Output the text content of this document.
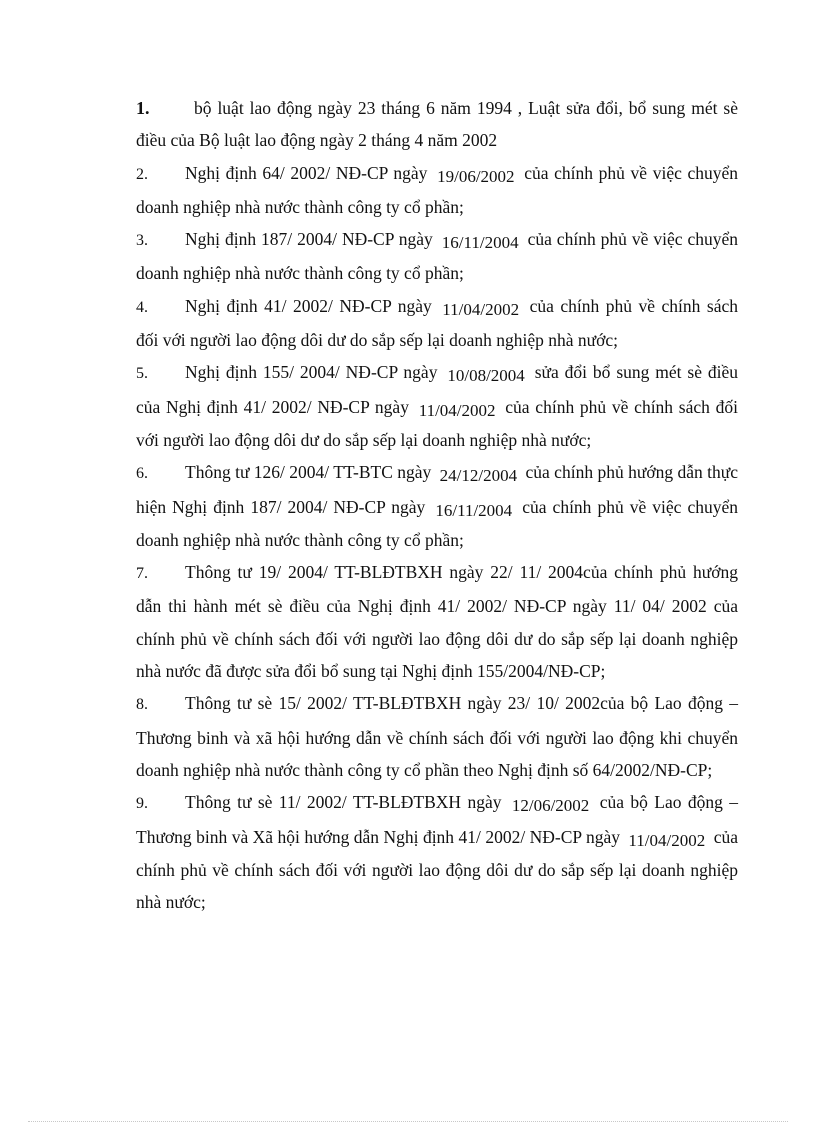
1.	bộ luật lao động ngày 23 tháng 6 năm 1994 , Luật sửa đổi, bổ sung mét sè điều của Bộ luật lao động ngày 2 tháng 4 năm 2002

2. Nghị định 64/ 2002/ NĐ-CP ngày 19/06/2002 của chính phủ về việc chuyển doanh nghiệp nhà nước thành công ty cổ phần;

3. Nghị định 187/ 2004/ NĐ-CP ngày 16/11/2004 của chính phủ về việc chuyển doanh nghiệp nhà nước thành công ty cổ phần;

4. Nghị định 41/ 2002/ NĐ-CP ngày 11/04/2002 của chính phủ về chính sách đối với người lao động dôi dư do sắp sếp lại doanh nghiệp nhà nước;

5. Nghị định 155/ 2004/ NĐ-CP ngày 10/08/2004 sửa đổi bổ sung mét sè điều của Nghị định 41/ 2002/ NĐ-CP ngày 11/04/2002 của chính phủ về chính sách đối với người lao động dôi dư do sắp sếp lại doanh nghiệp nhà nước;

6. Thông tư 126/ 2004/ TT-BTC ngày 24/12/2004 của chính phủ hướng dẫn thực hiện Nghị định 187/ 2004/ NĐ-CP ngày 16/11/2004 của chính phủ về việc chuyển doanh nghiệp nhà nước thành công ty cổ phần;

7. Thông tư 19/ 2004/ TT-BLĐTBXH ngày 22/ 11/ 2004của chính phủ hướng dẫn thi hành mét sè điều của Nghị định 41/ 2002/ NĐ-CP ngày 11/ 04/ 2002 của chính phủ về chính sách đối với người lao động dôi dư do sắp sếp lại doanh nghiệp nhà nước đã được sửa đổi bổ sung tại Nghị định 155/2004/NĐ-CP;

8. Thông tư sè 15/ 2002/ TT-BLĐTBXH ngày 23/ 10/ 2002của bộ Lao động – Thương binh và xã hội hướng dẫn về chính sách đối với người lao động khi chuyển doanh nghiệp nhà nước thành công ty cổ phần theo Nghị định số 64/2002/NĐ-CP;

9. Thông tư sè 11/ 2002/ TT-BLĐTBXH ngày 12/06/2002 của bộ Lao động – Thương binh và Xã hội hướng dẫn Nghị định 41/ 2002/ NĐ-CP ngày 11/04/2002 của chính phủ về chính sách đối với người lao động dôi dư do sắp sếp lại doanh nghiệp nhà nước;
